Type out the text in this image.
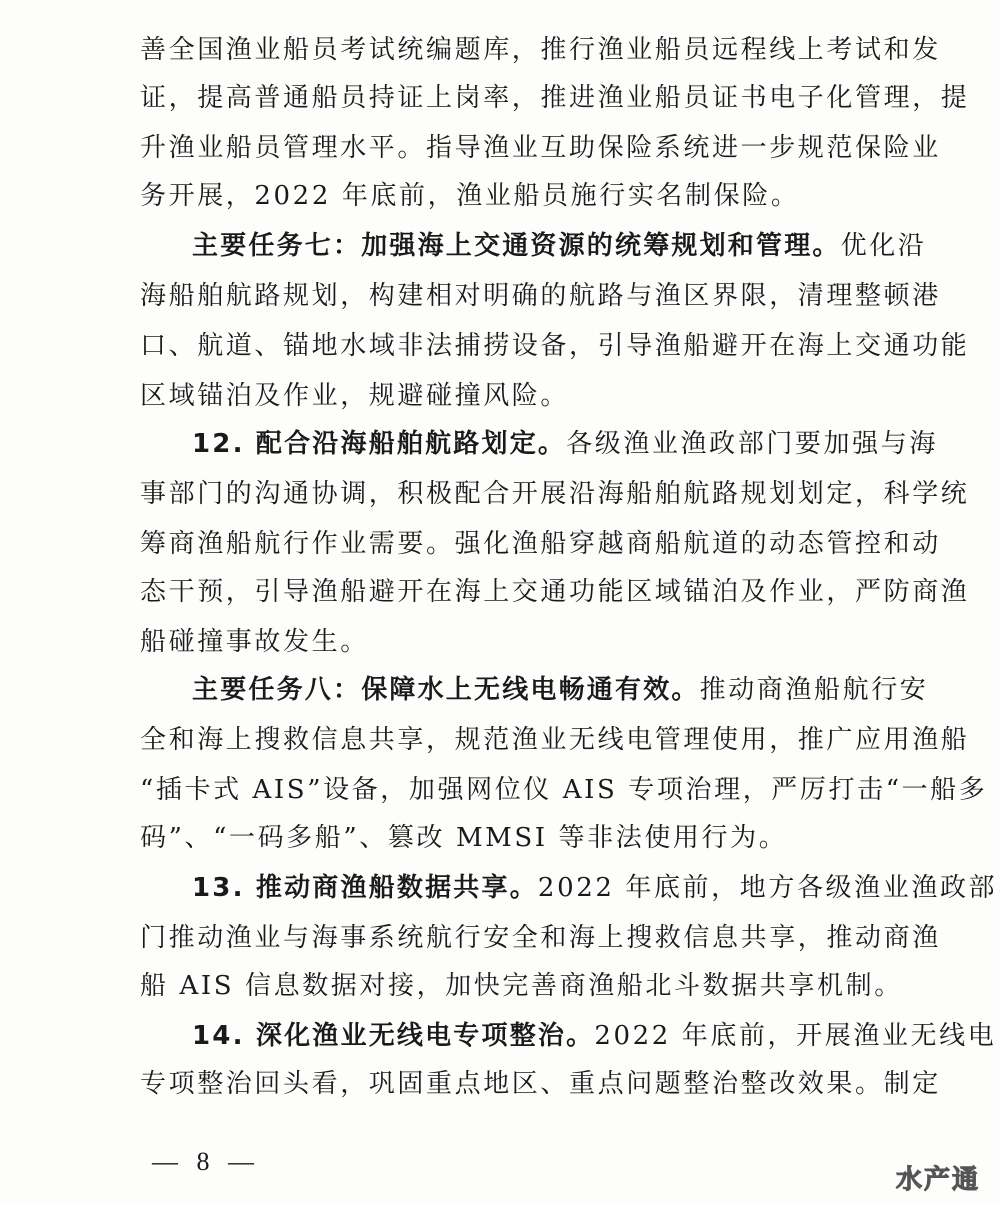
善全国渔业船员考试统编题库，推行渔业船员远程线上考试和发
证，提高普通船员持证上岗率，推进渔业船员证书电子化管理，提
升渔业船员管理水平。指导渔业互助保险系统进一步规范保险业
务开展，2022 年底前，渔业船员施行实名制保险。
主要任务七：加强海上交通资源的统筹规划和管理。优化沿
海船舶航路规划，构建相对明确的航路与渔区界限，清理整顿港
口、航道、锚地水域非法捕捞设备，引导渔船避开在海上交通功能
区域锚泊及作业，规避碰撞风险。
12. 配合沿海船舶航路划定。各级渔业渔政部门要加强与海
事部门的沟通协调，积极配合开展沿海船舶航路规划划定，科学统
筹商渔船航行作业需要。强化渔船穿越商船航道的动态管控和动
态干预，引导渔船避开在海上交通功能区域锚泊及作业，严防商渔
船碰撞事故发生。
主要任务八：保障水上无线电畅通有效。推动商渔船航行安
全和海上搜救信息共享，规范渔业无线电管理使用，推广应用渔船
“插卡式 AIS”设备，加强网位仪 AIS 专项治理，严厉打击“一船多
码”、“一码多船”、篡改 MMSI 等非法使用行为。
13. 推动商渔船数据共享。2022 年底前，地方各级渔业渔政部
门推动渔业与海事系统航行安全和海上搜救信息共享，推动商渔
船 AIS 信息数据对接，加快完善商渔船北斗数据共享机制。
14. 深化渔业无线电专项整治。2022 年底前，开展渔业无线电
专项整治回头看，巩固重点地区、重点问题整治整改效果。制定
— 8 —
水产通
